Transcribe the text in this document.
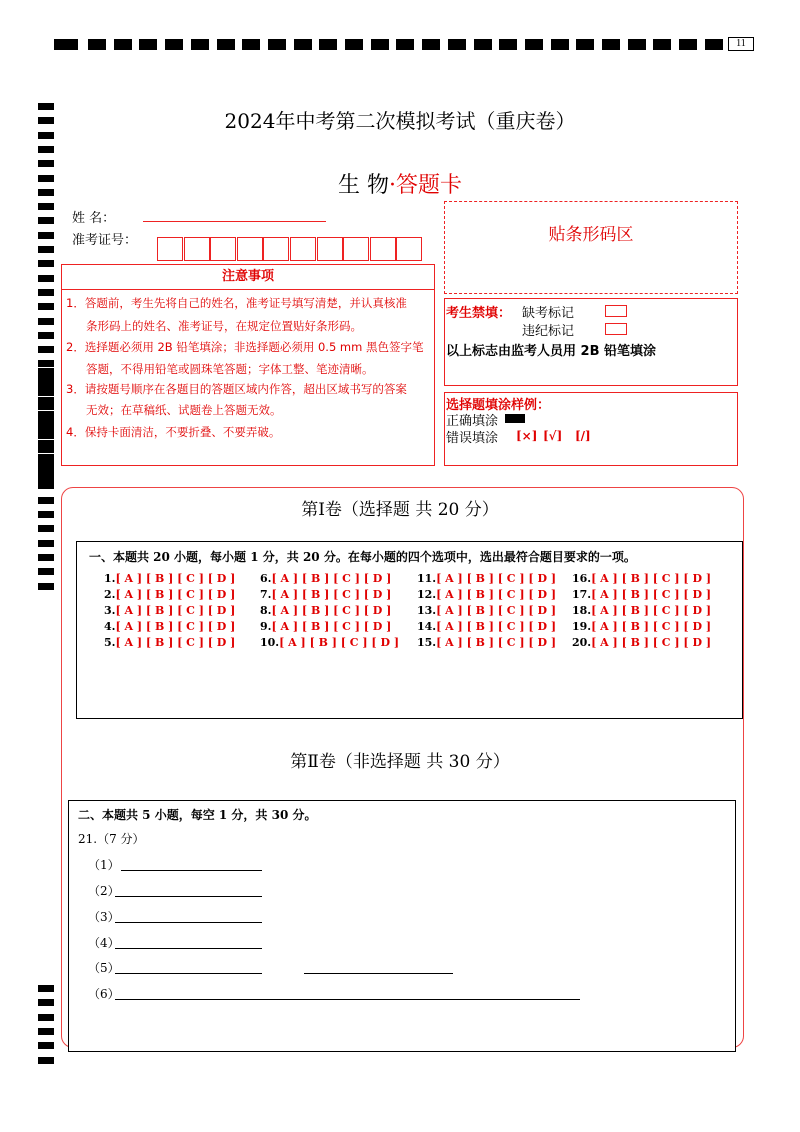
11
2024年中考第二次模拟考试（重庆卷）
生 物·答题卡
姓 名：
准考证号：	贴条形码区
注意事项
1．答题前，考生先将自己的姓名，准考证号填写清楚，并认真核准
条形码上的姓名、准考证号，在规定位置贴好条形码。
2．选择题必须用 2B 铅笔填涂；非选择题必须用 0.5 mm 黑色签字笔
答题，不得用铅笔或圆珠笔答题；字体工整、笔迹清晰。
3．请按题号顺序在各题目的答题区域内作答，超出区域书写的答案
无效；在草稿纸、试题卷上答题无效。
4．保持卡面清洁，不要折叠、不要弄破。
考生禁填： 缺考标记
违纪标记
以上标志由监考人员用 2B 铅笔填涂
选择题填涂样例：
正确填涂
错误填涂 [×] [√] [/]
第Ⅰ卷（选择题 共 20 分）
一、本题共 20 小题，每小题 1 分，共 20 分。在每小题的四个选项中，选出最符合题目要求的一项。
1.[ A ] [ B ] [ C ] [ D ]
2.[ A ] [ B ] [ C ] [ D ]
3.[ A ] [ B ] [ C ] [ D ]
4.[ A ] [ B ] [ C ] [ D ]
5.[ A ] [ B ] [ C ] [ D ]
6.[ A ] [ B ] [ C ] [ D ]
7.[ A ] [ B ] [ C ] [ D ]
8.[ A ] [ B ] [ C ] [ D ]
9.[ A ] [ B ] [ C ] [ D ]
10.[ A ] [ B ] [ C ] [ D ]
11.[ A ] [ B ] [ C ] [ D ]
12.[ A ] [ B ] [ C ] [ D ]
13.[ A ] [ B ] [ C ] [ D ]
14.[ A ] [ B ] [ C ] [ D ]
15.[ A ] [ B ] [ C ] [ D ]
16.[ A ] [ B ] [ C ] [ D ]
17.[ A ] [ B ] [ C ] [ D ]
18.[ A ] [ B ] [ C ] [ D ]
19.[ A ] [ B ] [ C ] [ D ]
20.[ A ] [ B ] [ C ] [ D ]
第Ⅱ卷（非选择题 共 30 分）
二、本题共 5 小题，每空 1 分，共 30 分。
21.（7 分）
（1）
（2）
（3）
（4）
（5）
（6）
